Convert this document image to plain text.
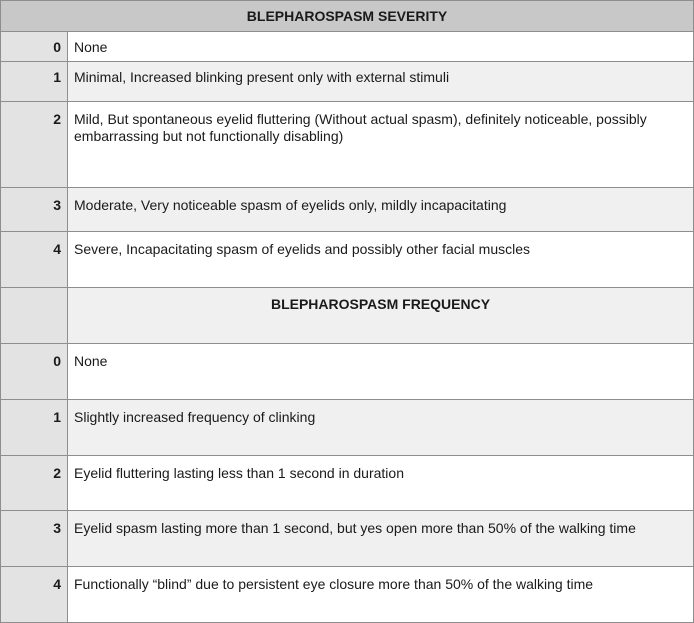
BLEPHAROSPASM SEVERITY	
0	None
1	Minimal, Increased blinking present only with external stimuli
2	Mild, But spontaneous eyelid fluttering (Without actual spasm), definitely noticeable, possibly embarrassing but not functionally disabling)
3	Moderate, Very noticeable spasm of eyelids only, mildly incapacitating
4	Severe, Incapacitating spasm of eyelids and possibly other facial muscles
	BLEPHAROSPASM FREQUENCY
0	None
1	Slightly increased frequency of clinking
2	Eyelid fluttering lasting less than 1 second in duration
3	Eyelid spasm lasting more than 1 second, but yes open more than 50% of the walking time
4	Functionally “blind” due to persistent eye closure more than 50% of the walking time
